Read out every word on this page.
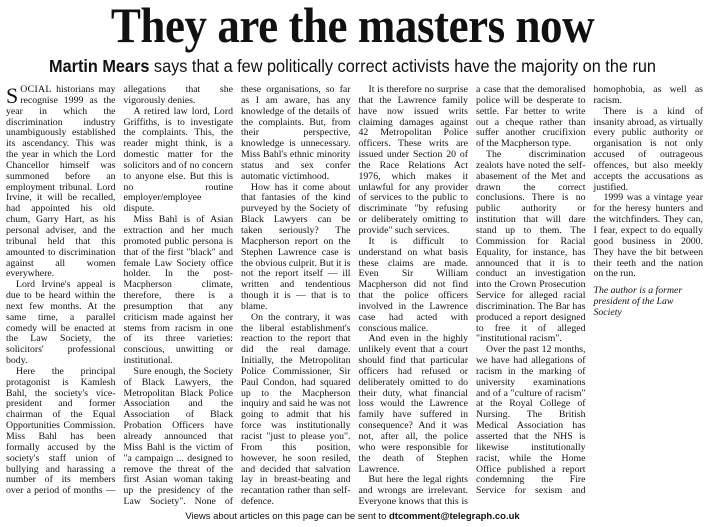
They are the masters now
Martin Mears says that a few politically correct activists have the majority on the run

SOCIAL historians may recognise 1999 as the year in which the discrimination industry unambiguously established its ascendancy. This was the year in which the Lord Chancellor himself was summoned before an employment tribunal. Lord Irvine, it will be recalled, had appointed his old chum, Garry Hart, as his personal adviser, and the tribunal held that this amounted to discrimination against all women everywhere.

Lord Irvine's appeal is due to be heard within the next few months. At the same time, a parallel comedy will be enacted at the Law Society, the solicitors' professional body.

Here the principal protagonist is Kamlesh Bahl, the society's vice-president and former chairman of the Equal Opportunities Commission. Miss Bahl has been formally accused by the society's staff union of bullying and harassing a number of its members over a period of months — allegations that she vigorously denies.

A retired law lord, Lord Griffiths, is to investigate the complaints. This, the reader might think, is a domestic matter for the solicitors and of no concern to anyone else. But this is no routine employer/employee dispute.

Miss Bahl is of Asian extraction and her much promoted public persona is that of the first "black" and female Law Society office holder. In the post-Macpherson climate, therefore, there is a presumption that any criticism made against her stems from racism in one of its three varieties: conscious, unwitting or institutional.

Sure enough, the Society of Black Lawyers, the Metropolitan Black Police Association and the Association of Black Probation Officers have already announced that Miss Bahl is the victim of "a campaign ... designed to remove the threat of the first Asian woman taking up the presidency of the Law Society". None of these organisations, so far as I am aware, has any knowledge of the details of the complaints. But, from their perspective, knowledge is unnecessary. Miss Bahl's ethnic minority status and sex confer automatic victimhood.

How has it come about that fantasies of the kind purveyed by the Society of Black Lawyers can be taken seriously? The Macpherson report on the Stephen Lawrence case is the obvious culprit. But it is not the report itself — ill written and tendentious though it is — that is to blame.

On the contrary, it was the liberal establishment's reaction to the report that did the real damage. Initially, the Metropolitan Police Commissioner, Sir Paul Condon, had squared up to the Macpherson inquiry and said he was not going to admit that his force was institutionally racist "just to please you". From this position, however, he soon resiled, and decided that salvation lay in breast-beating and recantation rather than self-defence.

It is therefore no surprise that the Lawrence family have now issued writs claiming damages against 42 Metropolitan Police officers. These writs are issued under Section 20 of the Race Relations Act 1976, which makes it unlawful for any provider of services to the public to discriminate "by refusing or deliberately omitting to provide" such services.

It is difficult to understand on what basis these claims are made. Even Sir William Macpherson did not find that the police officers involved in the Lawrence case had acted with conscious malice.

And even in the highly unlikely event that a court should find that particular officers had refused or deliberately omitted to do their duty, what financial loss would the Lawrence family have suffered in consequence? And it was not, after all, the police who were responsible for the death of Stephen Lawrence.

But here the legal rights and wrongs are irrelevant. Everyone knows that this is a case that the demoralised police will be desperate to settle. Far better to write out a cheque rather than suffer another crucifixion of the Macpherson type.

The discrimination zealots have noted the self-abasement of the Met and drawn the correct conclusions. There is no public authority or institution that will dare stand up to them. The Commission for Racial Equality, for instance, has announced that it is to conduct an investigation into the Crown Prosecution Service for alleged racial discrimination. The Bar has produced a report designed to free it of alleged "institutional racism".

Over the past 12 months, we have had allegations of racism in the marking of university examinations and of a "culture of racism" at the Royal College of Nursing. The British Medical Association has asserted that the NHS is likewise institutionally racist, while the Home Office published a report condemning the Fire Service for sexism and homophobia, as well as racism.

There is a kind of insanity abroad, as virtually every public authority or organisation is not only accused of outrageous offences, but also meekly accepts the accusations as justified.

1999 was a vintage year for the heresy hunters and the witchfinders. They can, I fear, expect to do equally good business in 2000. They have the bit between their teeth and the nation on the run.

The author is a former president of the Law Society

Views about articles on this page can be sent to dtcomment@telegraph.co.uk
